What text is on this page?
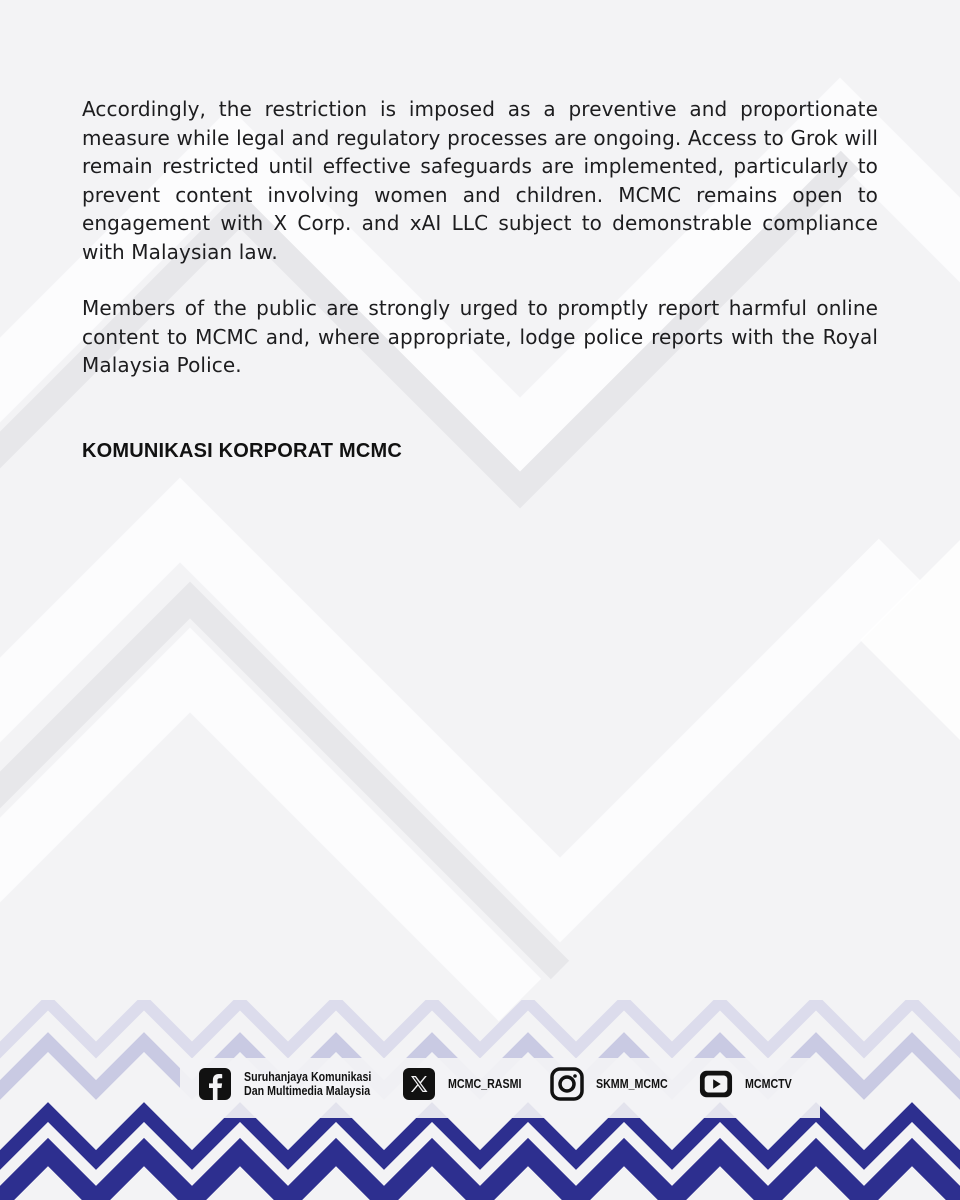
Accordingly, the restriction is imposed as a preventive and proportionate measure while legal and regulatory processes are ongoing. Access to Grok will remain restricted until effective safeguards are implemented, particularly to prevent content involving women and children. MCMC remains open to engagement with X Corp. and xAI LLC subject to demonstrable compliance with Malaysian law.

Members of the public are strongly urged to promptly report harmful online content to MCMC and, where appropriate, lodge police reports with the Royal Malaysia Police.

KOMUNIKASI KORPORAT MCMC
Suruhanjaya Komunikasi
Dan Multimedia Malaysia	MCMC_RASMI	SKMM_MCMC	MCMCTV
